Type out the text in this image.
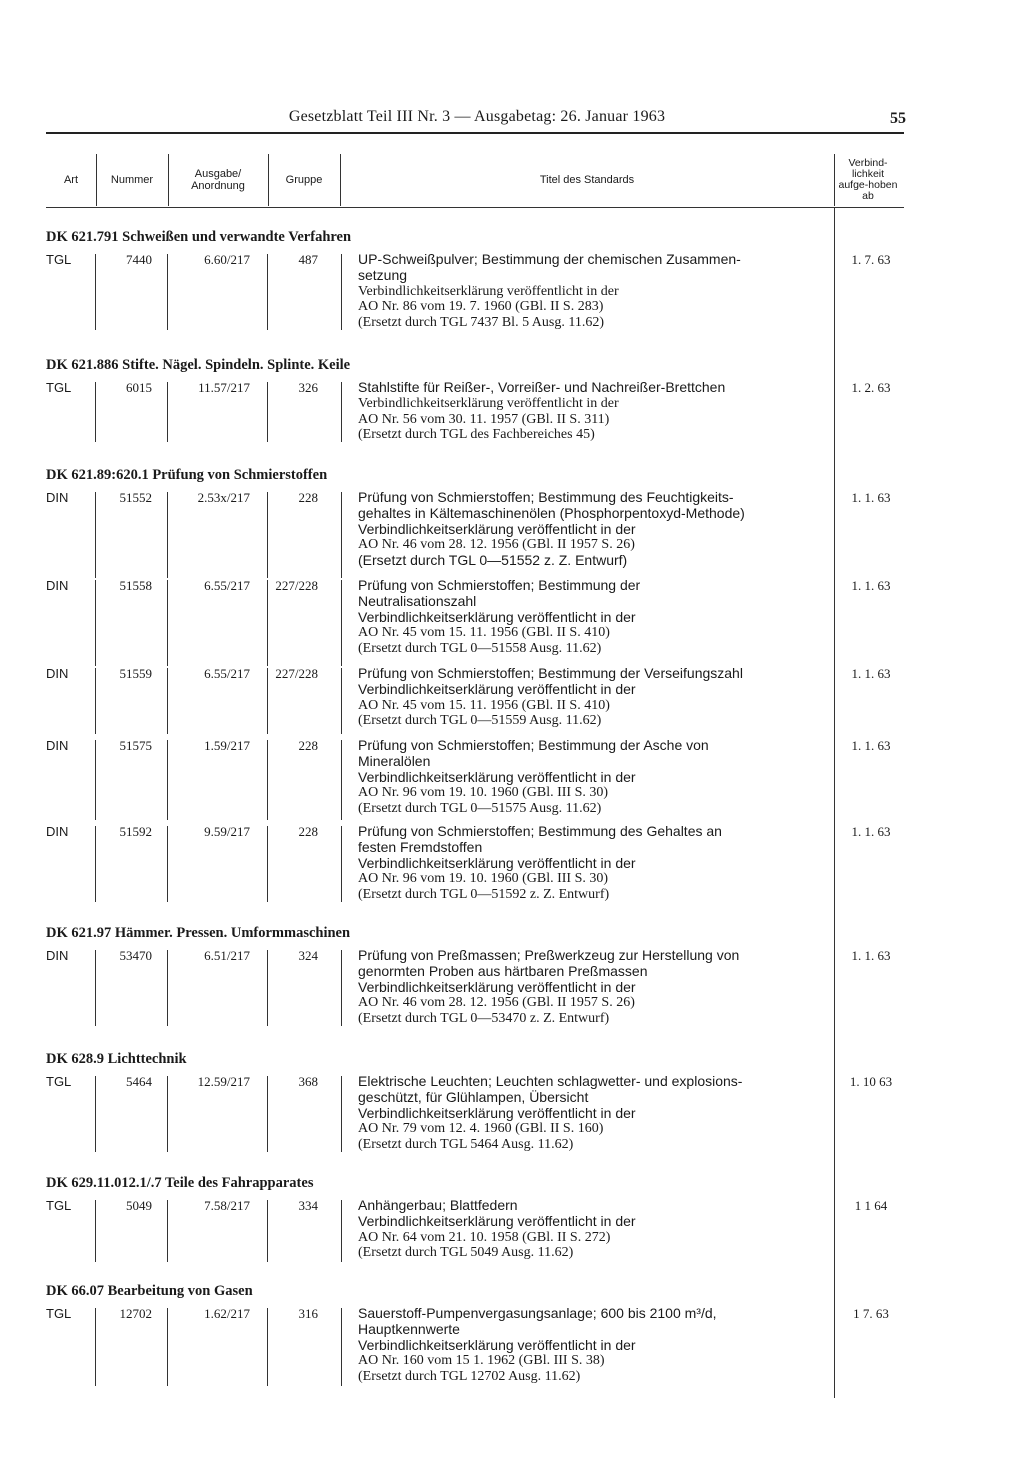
Gesetzblatt Teil III Nr. 3 — Ausgabetag: 26. Januar 1963	55
Art	Nummer	Ausgabe/ Anordnung	Gruppe	Titel des Standards
Verbind-lichkeit aufge-hoben ab
DK 621.791 Schweißen und verwandte Verfahren
TGL	7440	6.60/217	487	UP-Schweißpulver; Bestimmung der chemischen Zusammen-
setzung
Verbindlichkeitserklärung veröffentlicht in der
AO Nr. 86 vom 19. 7. 1960 (GBl. II S. 283)
(Ersetzt durch TGL 7437 Bl. 5 Ausg. 11.62)
1. 7. 63
DK 621.886 Stifte. Nägel. Spindeln. Splinte. Keile
TGL	6015	11.57/217	326	Stahlstifte für Reißer-, Vorreißer- und Nachreißer-Brettchen
Verbindlichkeitserklärung veröffentlicht in der
AO Nr. 56 vom 30. 11. 1957 (GBl. II S. 311)
(Ersetzt durch TGL des Fachbereiches 45)
1. 2. 63
DK 621.89:620.1 Prüfung von Schmierstoffen
DIN	51552	2.53x/217	228	Prüfung von Schmierstoffen; Bestimmung des Feuchtigkeits-
gehaltes in Kältemaschinenölen (Phosphorpentoxyd-Methode)
Verbindlichkeitserklärung veröffentlicht in der
AO Nr. 46 vom 28. 12. 1956 (GBl. II 1957 S. 26)
(Ersetzt durch TGL 0—51552 z. Z. Entwurf)
1. 1. 63
DIN	51558	6.55/217	227/228	Prüfung von Schmierstoffen; Bestimmung der
Neutralisationszahl
Verbindlichkeitserklärung veröffentlicht in der
AO Nr. 45 vom 15. 11. 1956 (GBl. II S. 410)
(Ersetzt durch TGL 0—51558 Ausg. 11.62)
1. 1. 63
DIN	51559	6.55/217	227/228	Prüfung von Schmierstoffen; Bestimmung der Verseifungszahl
Verbindlichkeitserklärung veröffentlicht in der
AO Nr. 45 vom 15. 11. 1956 (GBl. II S. 410)
(Ersetzt durch TGL 0—51559 Ausg. 11.62)
1. 1. 63
DIN	51575	1.59/217	228	Prüfung von Schmierstoffen; Bestimmung der Asche von
Mineralölen
Verbindlichkeitserklärung veröffentlicht in der
AO Nr. 96 vom 19. 10. 1960 (GBl. III S. 30)
(Ersetzt durch TGL 0—51575 Ausg. 11.62)
1. 1. 63
DIN	51592	9.59/217	228	Prüfung von Schmierstoffen; Bestimmung des Gehaltes an
festen Fremdstoffen
Verbindlichkeitserklärung veröffentlicht in der
AO Nr. 96 vom 19. 10. 1960 (GBl. III S. 30)
(Ersetzt durch TGL 0—51592 z. Z. Entwurf)
1. 1. 63
DK 621.97 Hämmer. Pressen. Umformmaschinen
DIN	53470	6.51/217	324	Prüfung von Preßmassen; Preßwerkzeug zur Herstellung von
genormten Proben aus härtbaren Preßmassen
Verbindlichkeitserklärung veröffentlicht in der
AO Nr. 46 vom 28. 12. 1956 (GBl. II 1957 S. 26)
(Ersetzt durch TGL 0—53470 z. Z. Entwurf)
1. 1. 63
DK 628.9 Lichttechnik
TGL	5464	12.59/217	368	Elektrische Leuchten; Leuchten schlagwetter- und explosions-
geschützt, für Glühlampen, Übersicht
Verbindlichkeitserklärung veröffentlicht in der
AO Nr. 79 vom 12. 4. 1960 (GBl. II S. 160)
(Ersetzt durch TGL 5464 Ausg. 11.62)
1. 10 63
DK 629.11.012.1/.7 Teile des Fahrapparates
TGL	5049	7.58/217	334	Anhängerbau; Blattfedern
Verbindlichkeitserklärung veröffentlicht in der
AO Nr. 64 vom 21. 10. 1958 (GBl. II S. 272)
(Ersetzt durch TGL 5049 Ausg. 11.62)
1 1 64
DK 66.07 Bearbeitung von Gasen
TGL	12702	1.62/217	316	Sauerstoff-Pumpenvergasungsanlage; 600 bis 2100 m³/d,
Hauptkennwerte
Verbindlichkeitserklärung veröffentlicht in der
AO Nr. 160 vom 15 1. 1962 (GBl. III S. 38)
(Ersetzt durch TGL 12702 Ausg. 11.62)
1 7. 63
